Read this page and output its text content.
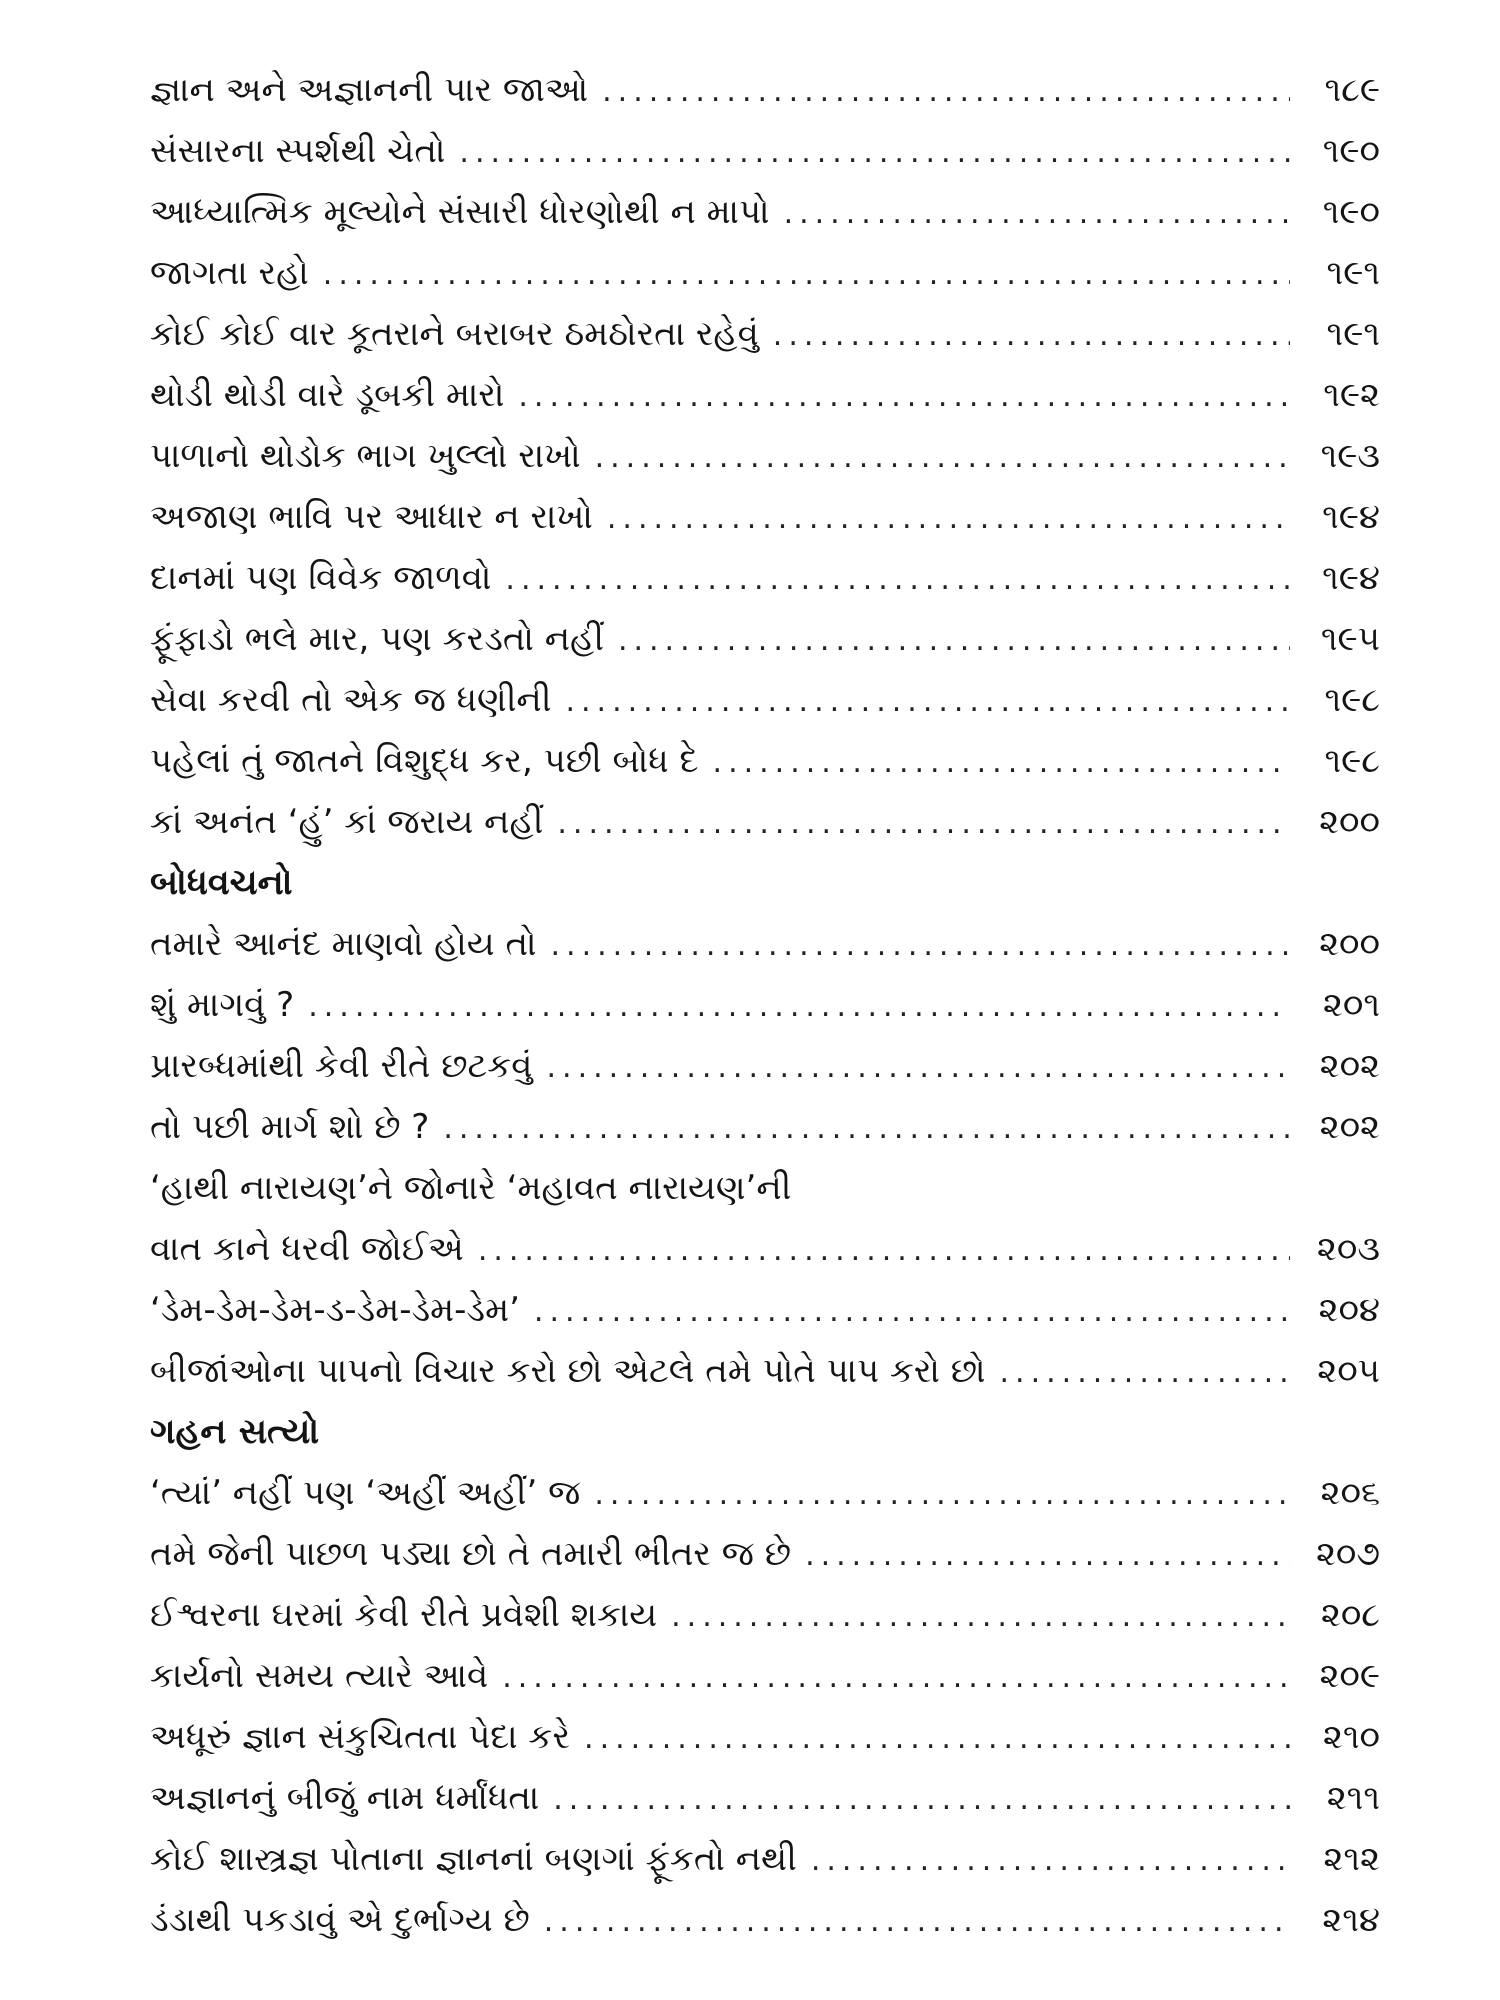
જ્ઞાન અને અજ્ઞાનની પાર જાઓ .....	૧૮૯
સંસારના સ્પર્શથી ચેતો .....	૧૯૦
આધ્યાત્મિક મૂલ્યોને સંસારી ધોરણોથી ન માપો .....	૧૯૦
જાગતા રહો .....	૧૯૧
કોઈ કોઈ વાર કૂતરાને બરાબર ઠમઠોરતા રહેવું .....	૧૯૧
થોડી થોડી વારે ડૂબકી મારો .....	૧૯૨
પાળાનો થોડોક ભાગ ખુલ્લો રાખો .....	૧૯૩
અજાણ ભાવિ પર આધાર ન રાખો .....	૧૯૪
દાનમાં પણ વિવેક જાળવો .....	૧૯૪
ફૂંફાડો ભલે માર, પણ કરડતો નહીં .....	૧૯૫
સેવા કરવી તો એક જ ધણીની .....	૧૯૮
પહેલાં તું જાતને વિશુદ્ધ કર, પછી બોધ દે .....	૧૯૮
કાં અનંત ‘હું’ કાં જરાય નહીં .....	૨૦૦
બોધવચનો
તમારે આનંદ માણવો હોય તો .....	૨૦૦
શું માગવું ? .....	૨૦૧
પ્રારબ્ધમાંથી કેવી રીતે છટકવું .....	૨૦૨
તો પછી માર્ગ શો છે ? .....	૨૦૨
‘હાથી નારાયણ’ને જોનારે ‘મહાવત નારાયણ’ની
વાત કાને ધરવી જોઈએ .....	૨૦૩
‘ડેમ-ડેમ-ડેમ-ડ-ડેમ-ડેમ-ડેમ’ .....	૨૦૪
બીજાંઓના પાપનો વિચાર કરો છો એટલે તમે પોતે પાપ કરો છો .....	૨૦૫
ગહન સત્યો
‘ત્યાં’ નહીં પણ ‘અહીં અહીં’ જ .....	૨૦૬
તમે જેની પાછળ પડ્યા છો તે તમારી ભીતર જ છે .....	૨૦૭
ઈશ્વરના ઘરમાં કેવી રીતે પ્રવેશી શકાય .....	૨૦૮
કાર્યનો સમય ત્યારે આવે .....	૨૦૯
અધૂરું જ્ઞાન સંકુચિતતા પેદા કરે .....	૨૧૦
અજ્ઞાનનું બીજું નામ ધર્માંધતા .....	૨૧૧
કોઈ શાસ્ત્રજ્ઞ પોતાના જ્ઞાનનાં બણગાં ફૂંકતો નથી .....	૨૧૨
ડંડાથી પકડાવું એ દુર્ભાગ્ય છે .....	૨૧૪
